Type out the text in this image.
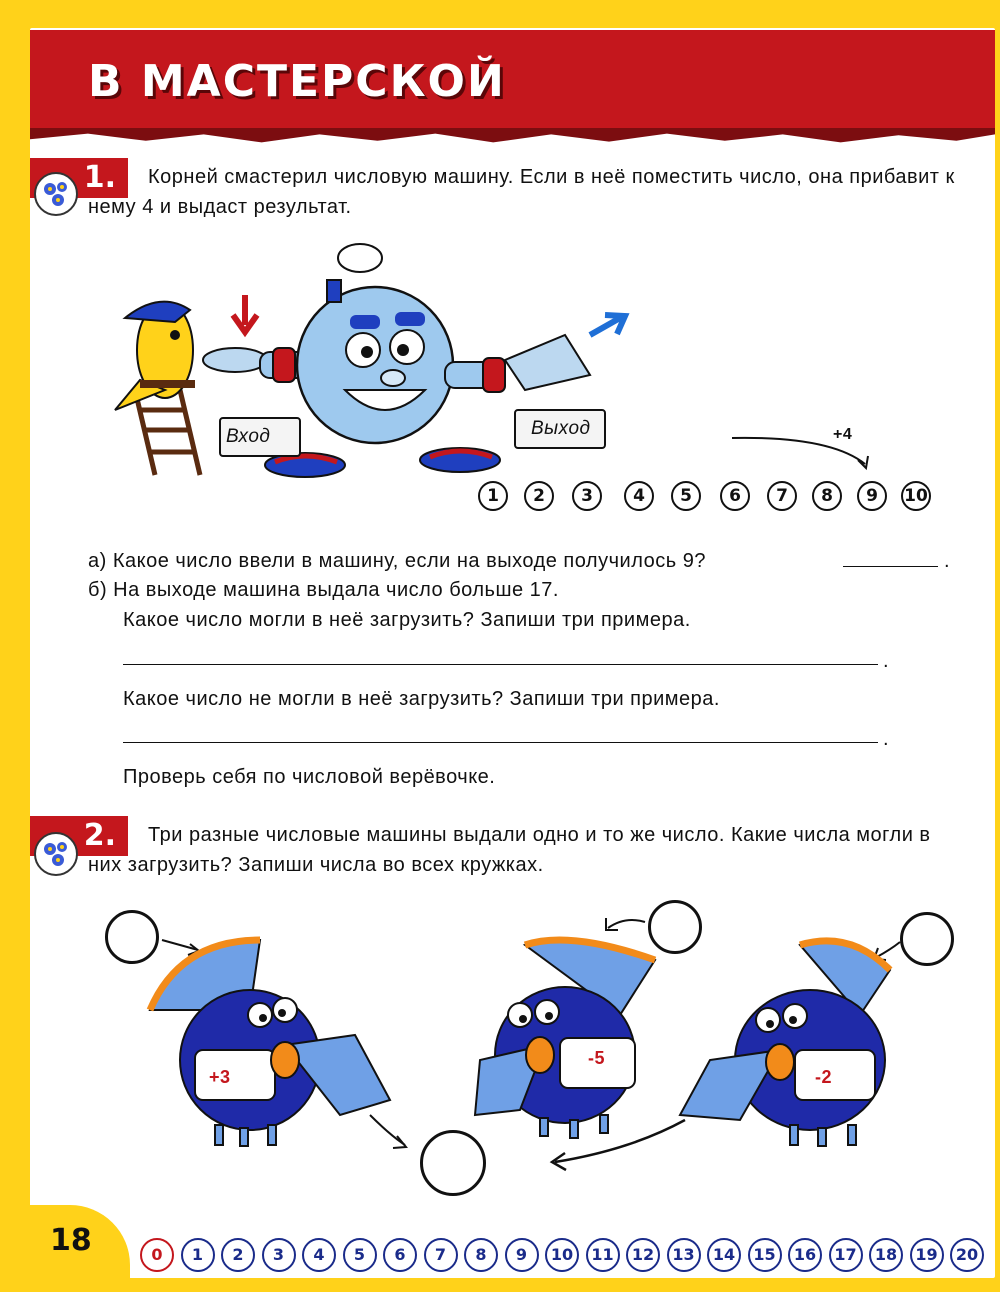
В МАСТЕРСКОЙ
1.	Корней смастерил числовую машину. Если в неё поместить число, она прибавит к нему 4 и выдаст результат.

Вход	Выход	+4
1	2	3	4	5	6	7	8	9	10

а) Какое число ввели в машину, если на выходе получилось 9?	.

б) На выходе машина выдала число больше 17.

Какое число могли в неё загрузить? Запиши три примера.

.

Какое число не могли в неё загрузить? Запиши три примера.

.

Проверь себя по числовой верёвочке.

2.	Три разные числовые машины выдали одно и то же число. Какие числа могли в них загрузить? Запиши числа во всех кружках.

+3
-5
-2
18	0	1	2	3	4	5	6	7	8	9	10	11	12	13	14	15	16	17	18	19	20
